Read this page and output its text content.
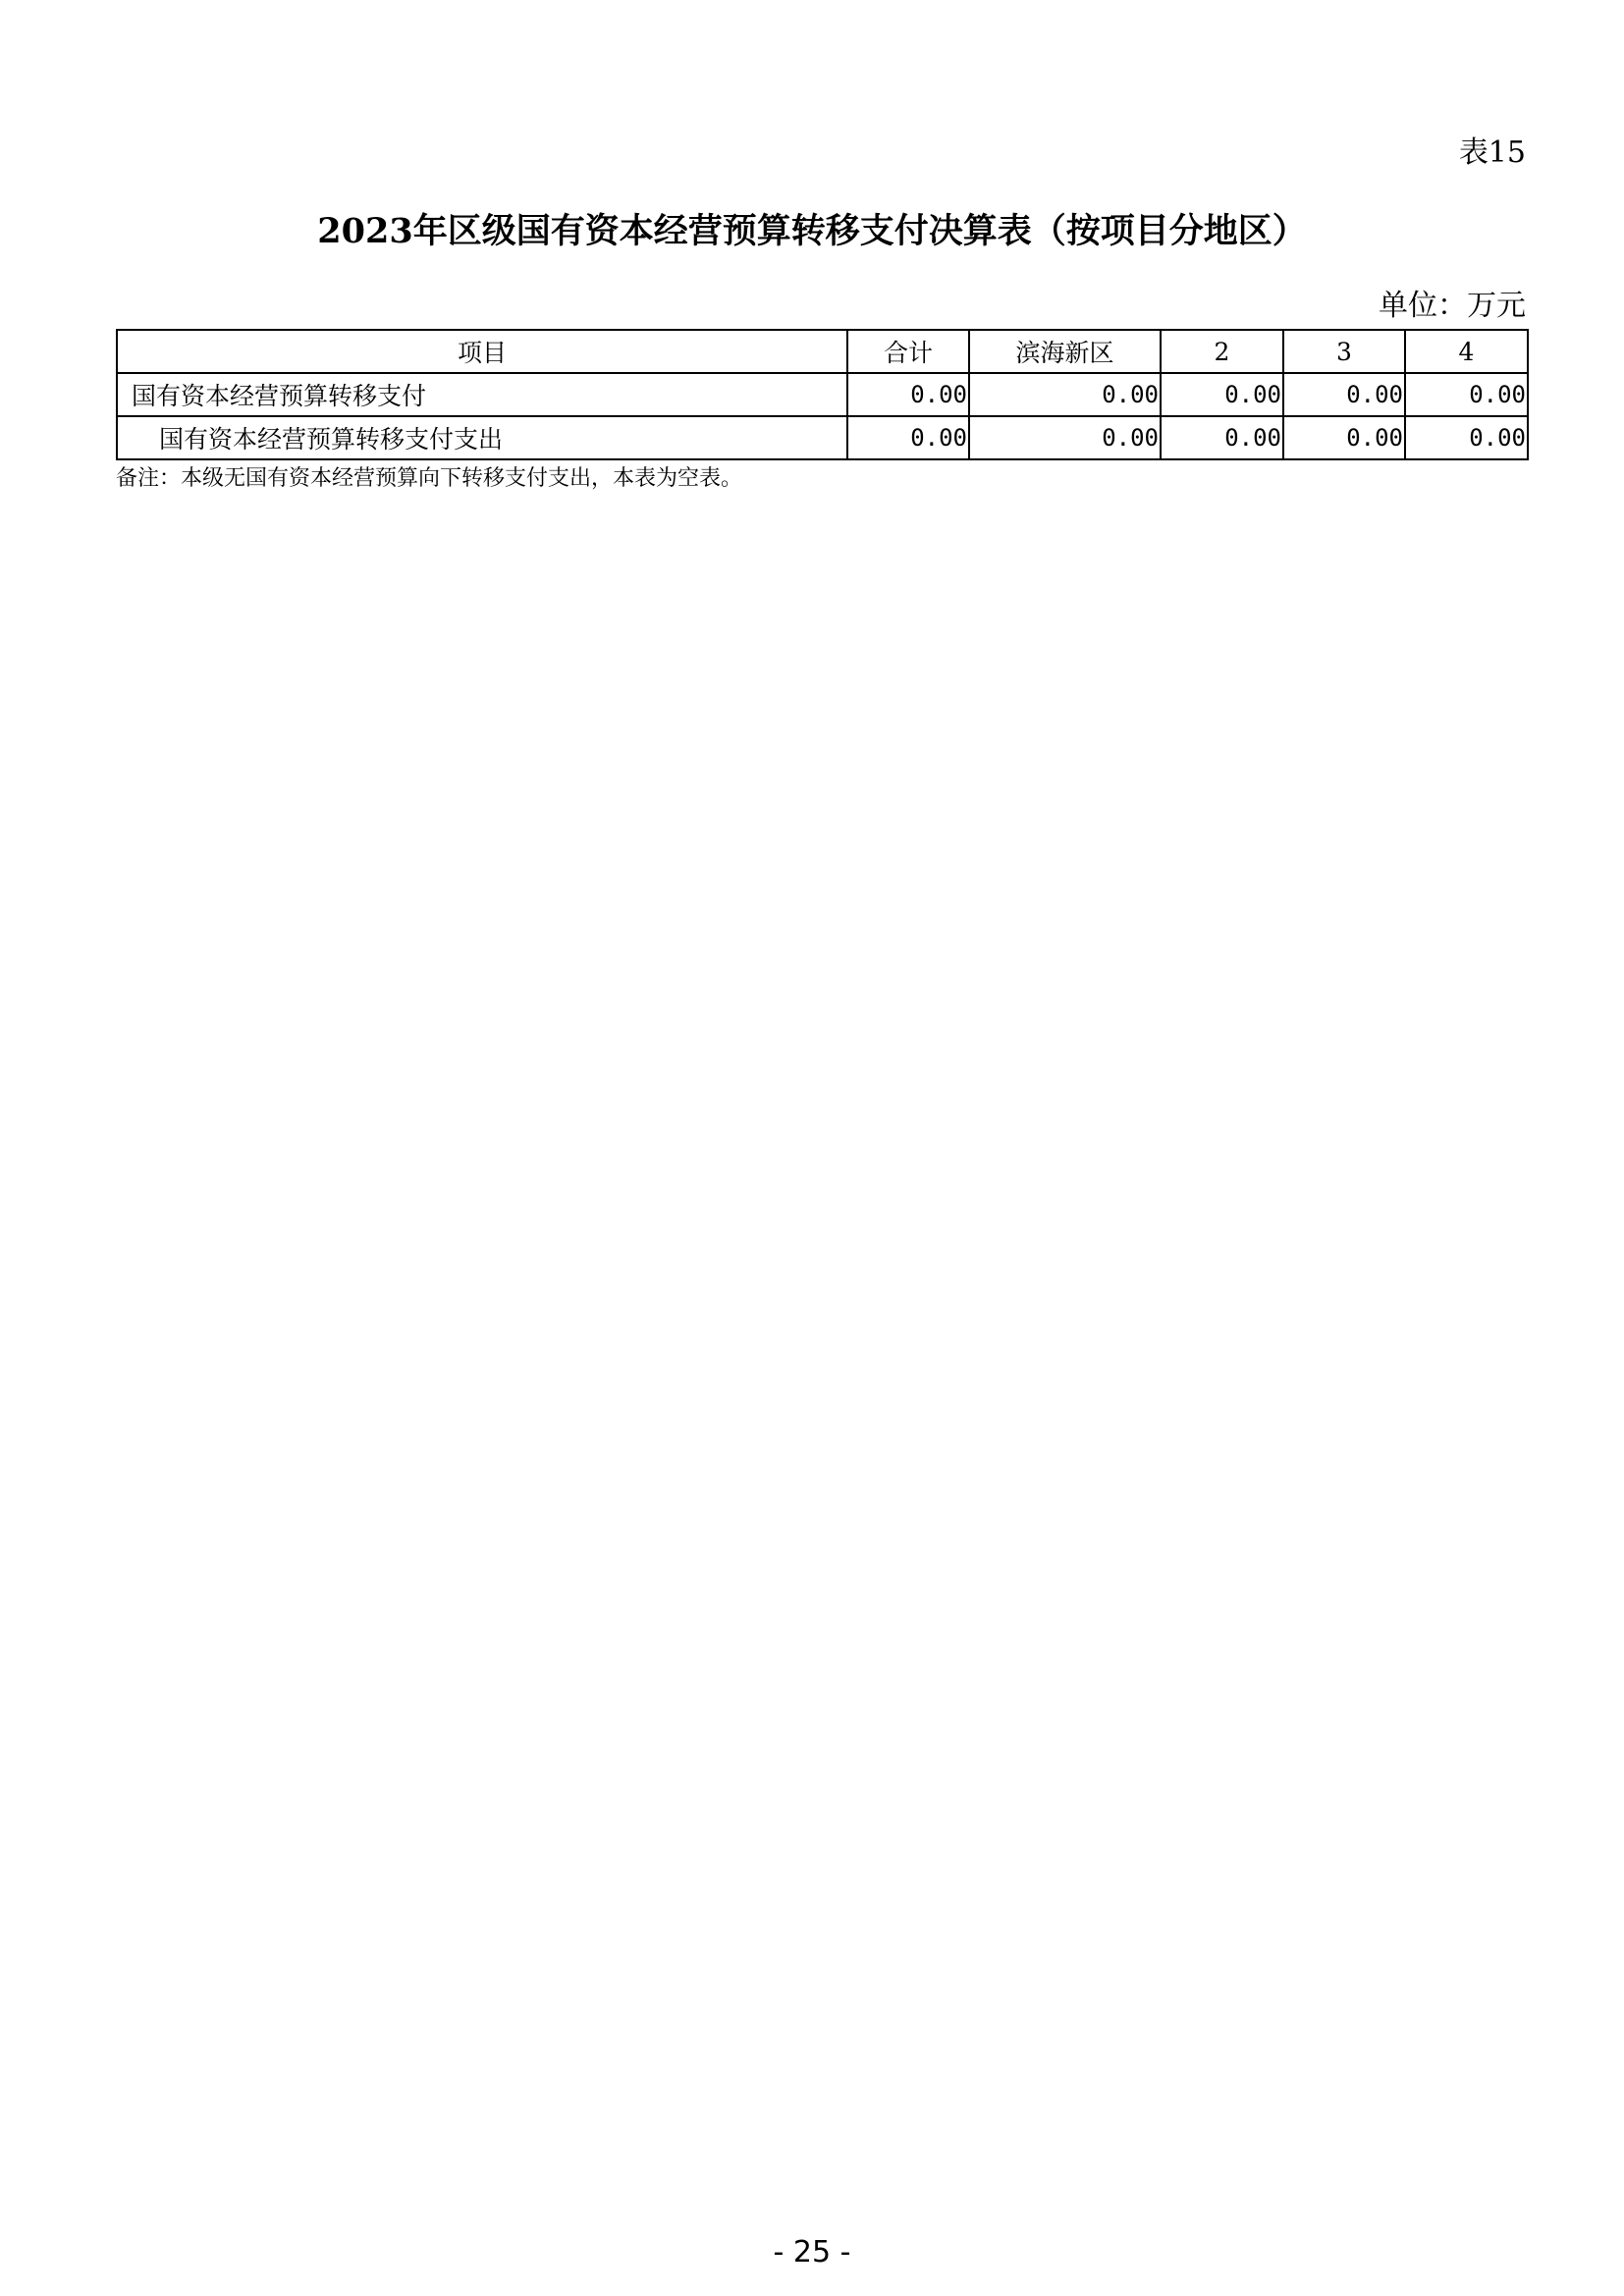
表15
2023年区级国有资本经营预算转移支付决算表（按项目分地区）
单位：万元
项目	合计	滨海新区	2	3	4
国有资本经营预算转移支付	0.00	0.00	0.00	0.00	0.00
国有资本经营预算转移支付支出	0.00	0.00	0.00	0.00	0.00
备注：本级无国有资本经营预算向下转移支付支出，本表为空表。
- 25 -
